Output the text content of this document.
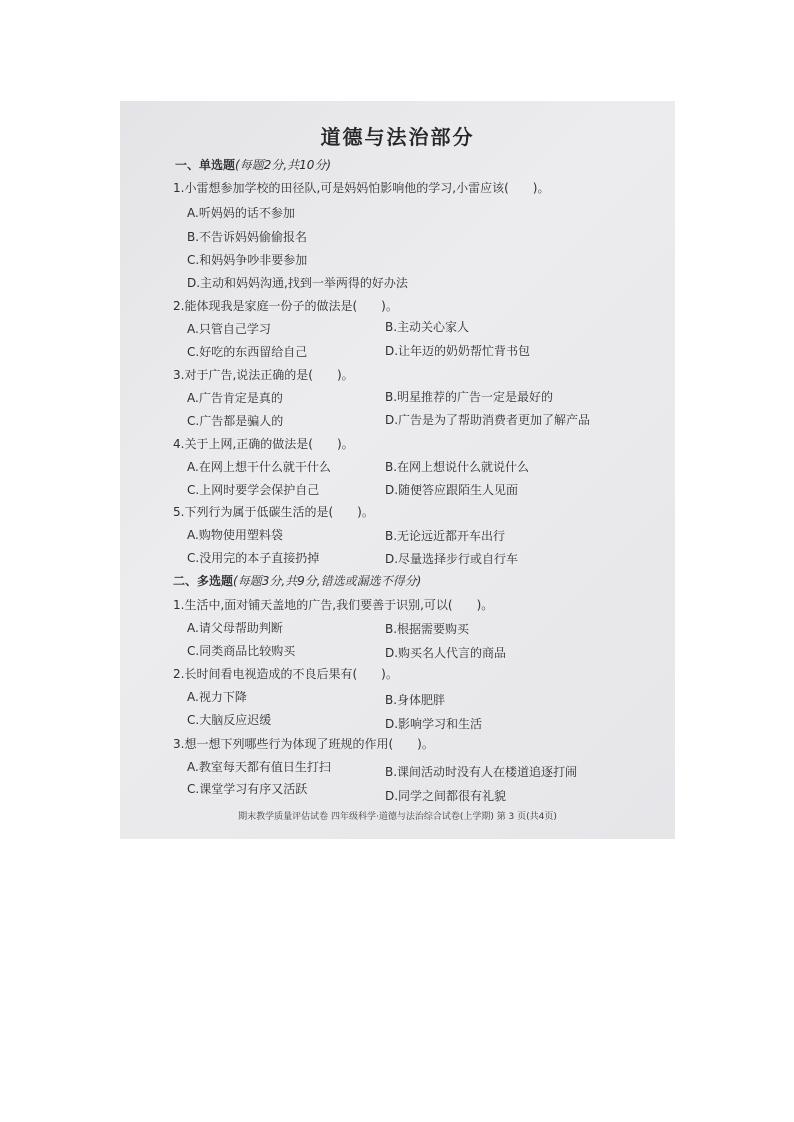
道德与法治部分
一、单选题(每题2分,共10分)
1.小雷想参加学校的田径队,可是妈妈怕影响他的学习,小雷应该(　　)。
A.听妈妈的话不参加
B.不告诉妈妈偷偷报名
C.和妈妈争吵非要参加
D.主动和妈妈沟通,找到一举两得的好办法
2.能体现我是家庭一份子的做法是(　　)。
A.只管自己学习	B.主动关心家人
C.好吃的东西留给自己	D.让年迈的奶奶帮忙背书包
3.对于广告,说法正确的是(　　)。
A.广告肯定是真的	B.明星推荐的广告一定是最好的
C.广告都是骗人的	D.广告是为了帮助消费者更加了解产品
4.关于上网,正确的做法是(　　)。
A.在网上想干什么就干什么	B.在网上想说什么就说什么
C.上网时要学会保护自己	D.随便答应跟陌生人见面
5.下列行为属于低碳生活的是(　　)。
A.购物使用塑料袋	B.无论远近都开车出行
C.没用完的本子直接扔掉	D.尽量选择步行或自行车
二、多选题(每题3分,共9分,错选或漏选不得分)
1.生活中,面对铺天盖地的广告,我们要善于识别,可以(　　)。
A.请父母帮助判断	B.根据需要购买
C.同类商品比较购买	D.购买名人代言的商品
2.长时间看电视造成的不良后果有(　　)。
A.视力下降	B.身体肥胖
C.大脑反应迟缓	D.影响学习和生活
3.想一想下列哪些行为体现了班规的作用(　　)。
A.教室每天都有值日生打扫	B.课间活动时没有人在楼道追逐打闹
C.课堂学习有序又活跃	D.同学之间都很有礼貌
期末教学质量评估试卷 四年级科学·道德与法治综合试卷(上学期) 第 3 页(共4页)
